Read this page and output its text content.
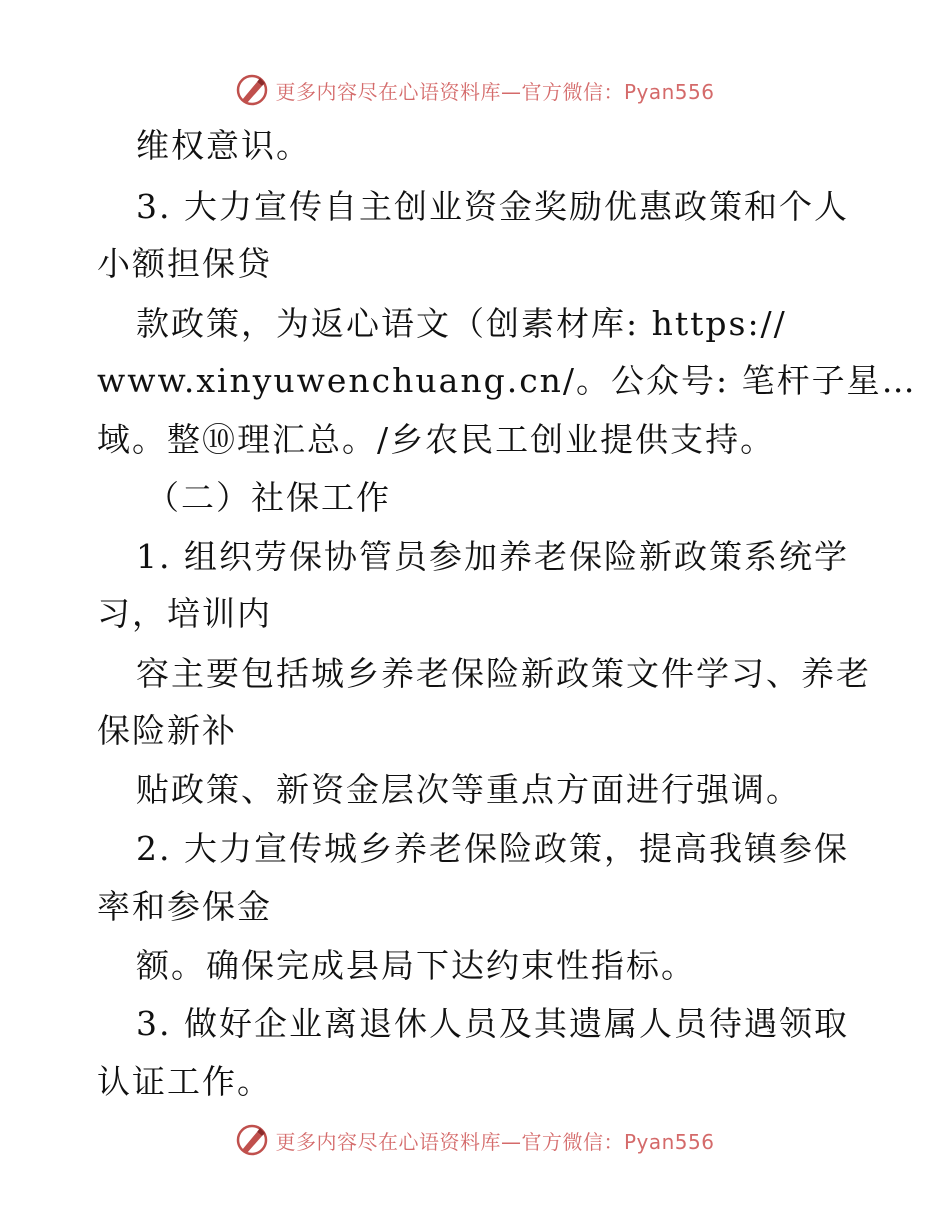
更多内容尽在心语资料库—官方微信：Pyan556
维权意识。
3. 大力宣传自主创业资金奖励优惠政策和个人
小额担保贷
款政策，为返心语文（创素材库: https://
www.xinyuwenchuang.cn/。公众号: 笔杆子星…
域。整⑩理汇总。/乡农民工创业提供支持。
（二）社保工作
1. 组织劳保协管员参加养老保险新政策系统学
习，培训内
容主要包括城乡养老保险新政策文件学习、养老
保险新补
贴政策、新资金层次等重点方面进行强调。
2. 大力宣传城乡养老保险政策，提高我镇参保
率和参保金
额。确保完成县局下达约束性指标。
3. 做好企业离退休人员及其遗属人员待遇领取
认证工作。
更多内容尽在心语资料库—官方微信：Pyan556
